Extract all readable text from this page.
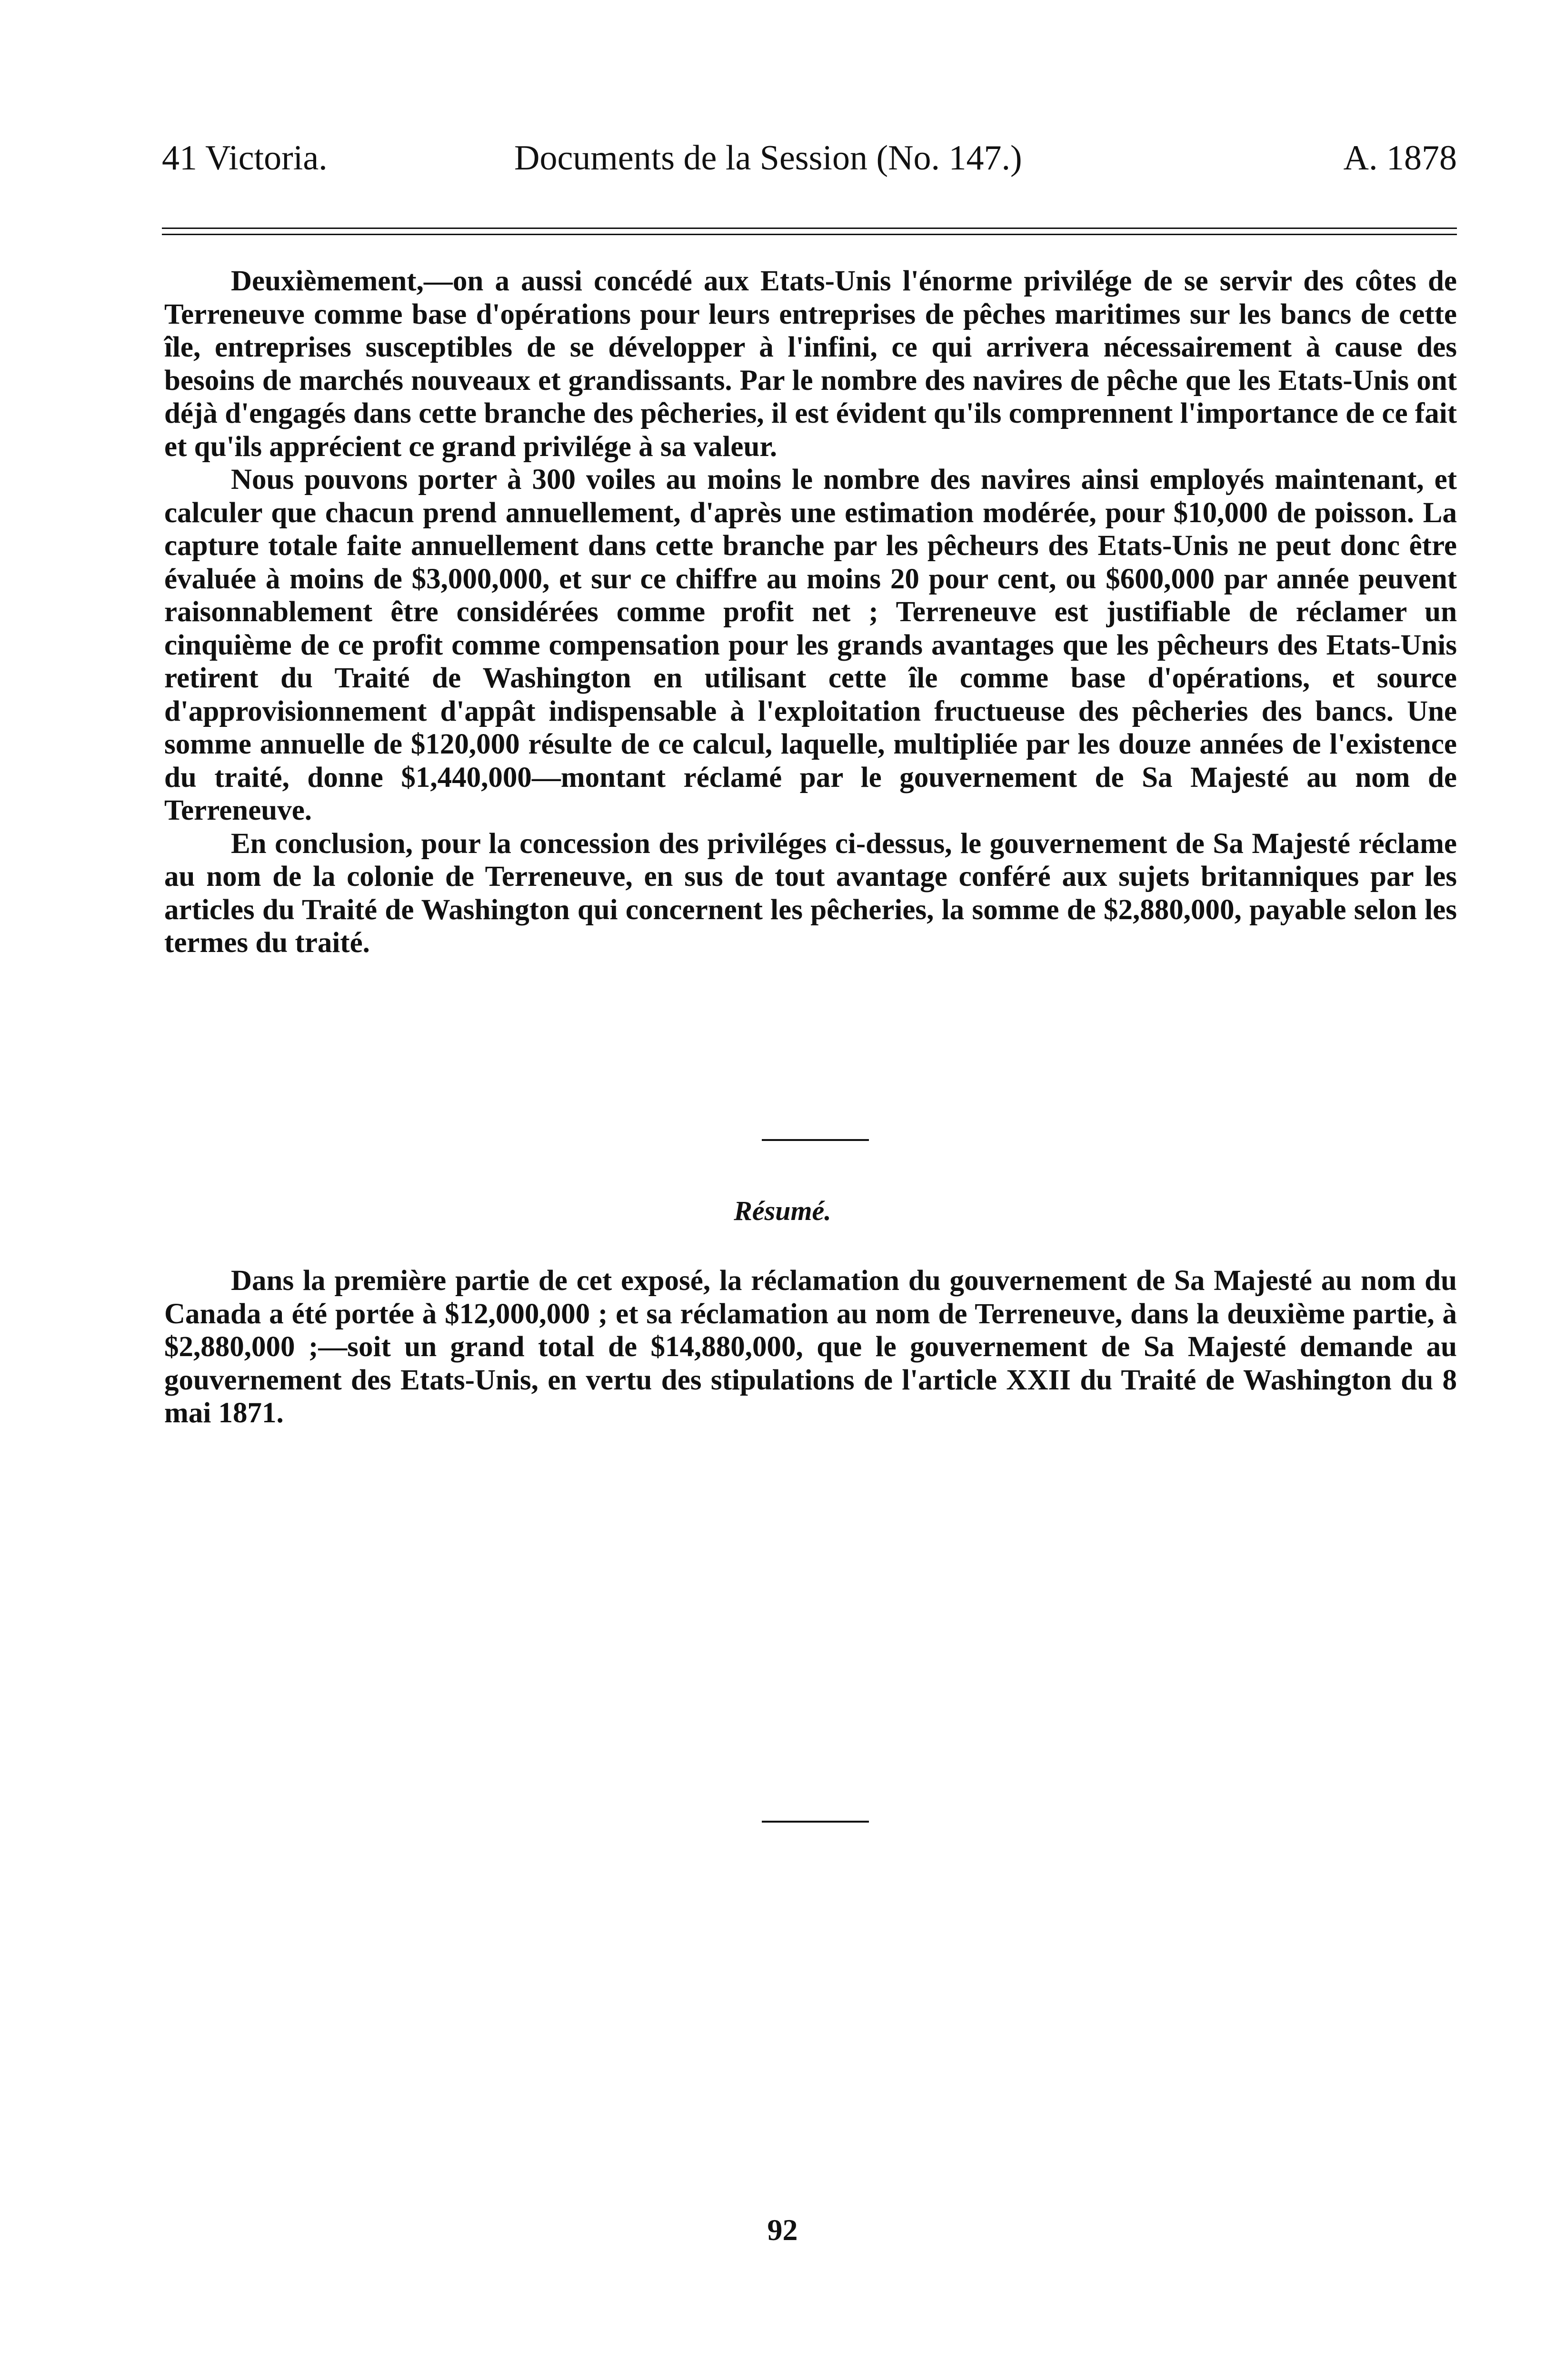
41 Victoria.	Documents de la Session (No. 147.)	A. 1878

Deuxièmement,—on a aussi concédé aux Etats-Unis l'énorme privilége de se servir des côtes de Terreneuve comme base d'opérations pour leurs entreprises de pêches maritimes sur les bancs de cette île, entreprises susceptibles de se développer à l'infini, ce qui arrivera nécessairement à cause des besoins de marchés nouveaux et grandissants. Par le nombre des navires de pêche que les Etats-Unis ont déjà d'engagés dans cette branche des pêcheries, il est évident qu'ils comprennent l'importance de ce fait et qu'ils apprécient ce grand privilége à sa valeur.

Nous pouvons porter à 300 voiles au moins le nombre des navires ainsi employés maintenant, et calculer que chacun prend annuellement, d'après une estimation modérée, pour $10,000 de poisson. La capture totale faite annuellement dans cette branche par les pêcheurs des Etats-Unis ne peut donc être évaluée à moins de $3,000,000, et sur ce chiffre au moins 20 pour cent, ou $600,000 par année peuvent raisonnablement être considérées comme profit net ; Terreneuve est justifiable de réclamer un cinquième de ce profit comme compensation pour les grands avantages que les pêcheurs des Etats-Unis retirent du Traité de Washington en utilisant cette île comme base d'opérations, et source d'approvisionnement d'appât indispensable à l'exploitation fructueuse des pêcheries des bancs. Une somme annuelle de $120,000 résulte de ce calcul, laquelle, multipliée par les douze années de l'existence du traité, donne $1,440,000—montant réclamé par le gouvernement de Sa Majesté au nom de Terreneuve.

En conclusion, pour la concession des priviléges ci-dessus, le gouvernement de Sa Majesté réclame au nom de la colonie de Terreneuve, en sus de tout avantage conféré aux sujets britanniques par les articles du Traité de Washington qui concernent les pêcheries, la somme de $2,880,000, payable selon les termes du traité.

Résumé.

Dans la première partie de cet exposé, la réclamation du gouvernement de Sa Majesté au nom du Canada a été portée à $12,000,000 ; et sa réclamation au nom de Terreneuve, dans la deuxième partie, à $2,880,000 ;—soit un grand total de $14,880,000, que le gouvernement de Sa Majesté demande au gouvernement des Etats-Unis, en vertu des stipulations de l'article XXII du Traité de Washington du 8 mai 1871.

92
